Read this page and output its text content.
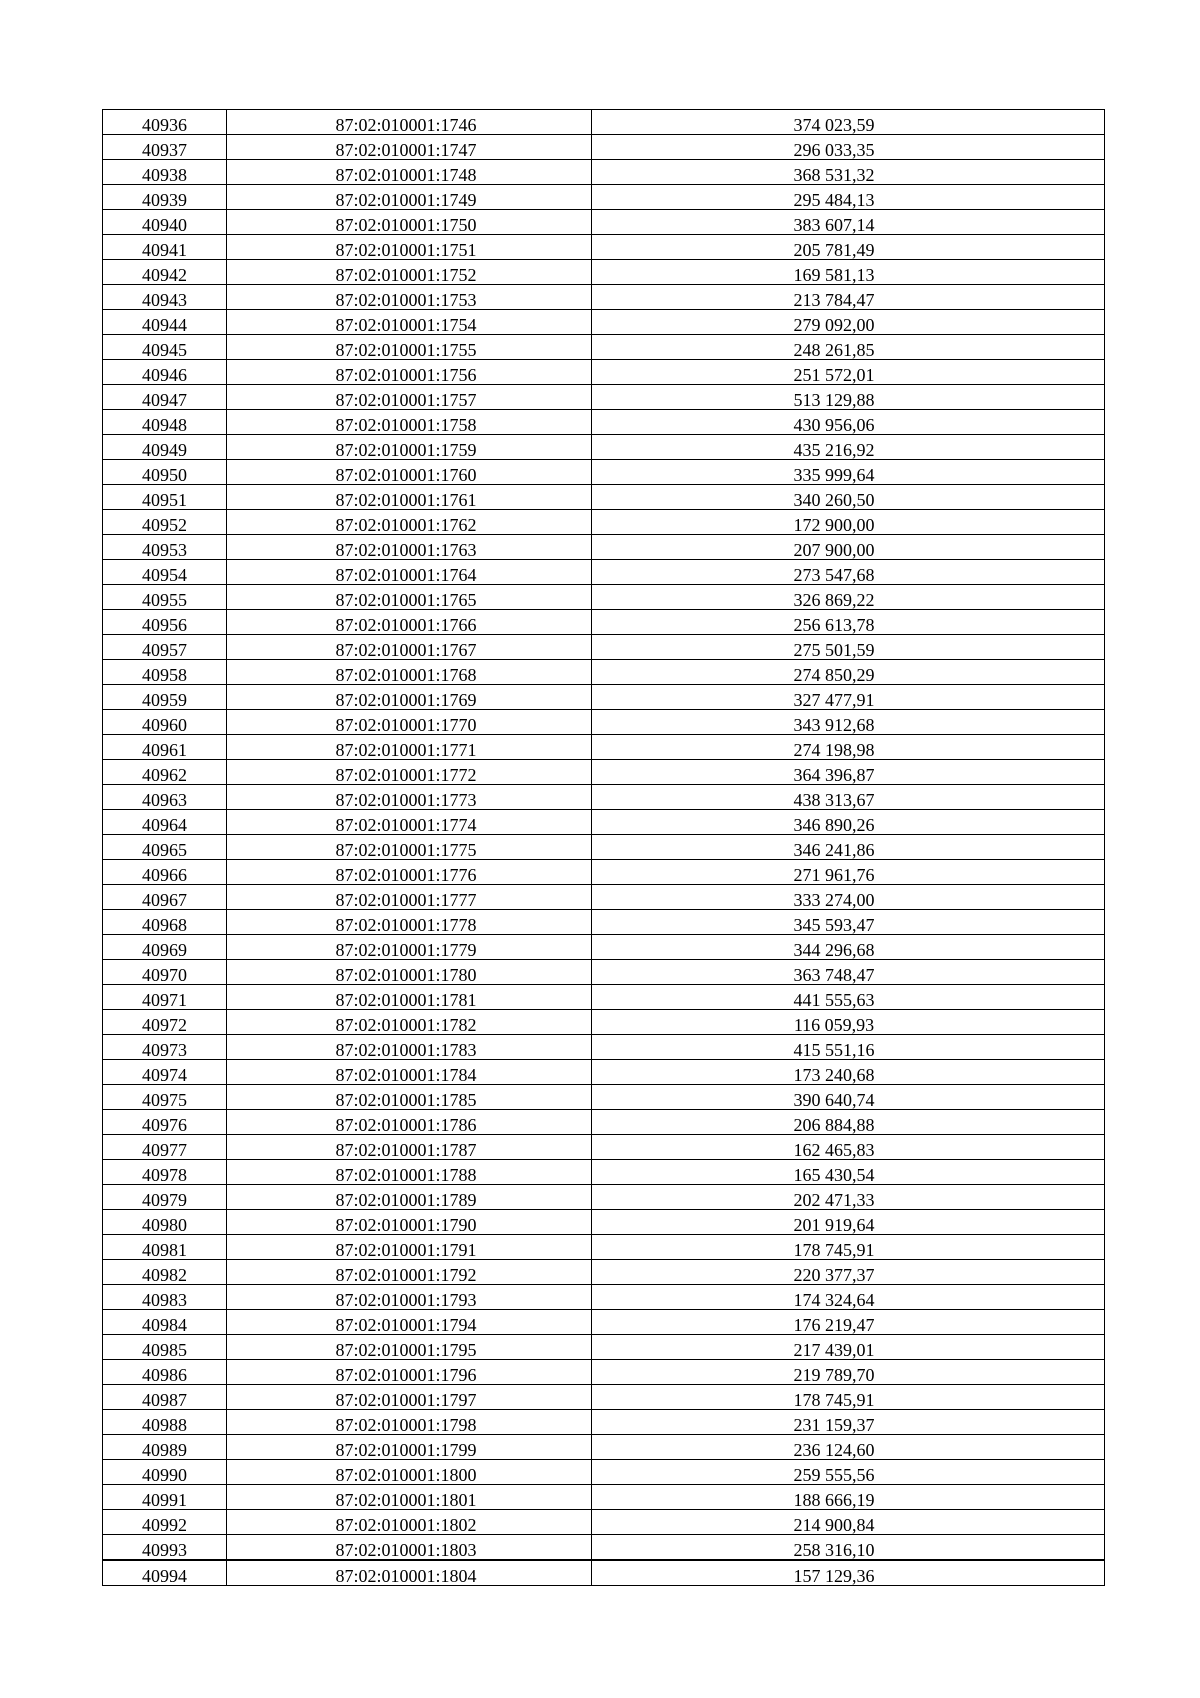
40936	87:02:010001:1746	374 023,59
40937	87:02:010001:1747	296 033,35
40938	87:02:010001:1748	368 531,32
40939	87:02:010001:1749	295 484,13
40940	87:02:010001:1750	383 607,14
40941	87:02:010001:1751	205 781,49
40942	87:02:010001:1752	169 581,13
40943	87:02:010001:1753	213 784,47
40944	87:02:010001:1754	279 092,00
40945	87:02:010001:1755	248 261,85
40946	87:02:010001:1756	251 572,01
40947	87:02:010001:1757	513 129,88
40948	87:02:010001:1758	430 956,06
40949	87:02:010001:1759	435 216,92
40950	87:02:010001:1760	335 999,64
40951	87:02:010001:1761	340 260,50
40952	87:02:010001:1762	172 900,00
40953	87:02:010001:1763	207 900,00
40954	87:02:010001:1764	273 547,68
40955	87:02:010001:1765	326 869,22
40956	87:02:010001:1766	256 613,78
40957	87:02:010001:1767	275 501,59
40958	87:02:010001:1768	274 850,29
40959	87:02:010001:1769	327 477,91
40960	87:02:010001:1770	343 912,68
40961	87:02:010001:1771	274 198,98
40962	87:02:010001:1772	364 396,87
40963	87:02:010001:1773	438 313,67
40964	87:02:010001:1774	346 890,26
40965	87:02:010001:1775	346 241,86
40966	87:02:010001:1776	271 961,76
40967	87:02:010001:1777	333 274,00
40968	87:02:010001:1778	345 593,47
40969	87:02:010001:1779	344 296,68
40970	87:02:010001:1780	363 748,47
40971	87:02:010001:1781	441 555,63
40972	87:02:010001:1782	116 059,93
40973	87:02:010001:1783	415 551,16
40974	87:02:010001:1784	173 240,68
40975	87:02:010001:1785	390 640,74
40976	87:02:010001:1786	206 884,88
40977	87:02:010001:1787	162 465,83
40978	87:02:010001:1788	165 430,54
40979	87:02:010001:1789	202 471,33
40980	87:02:010001:1790	201 919,64
40981	87:02:010001:1791	178 745,91
40982	87:02:010001:1792	220 377,37
40983	87:02:010001:1793	174 324,64
40984	87:02:010001:1794	176 219,47
40985	87:02:010001:1795	217 439,01
40986	87:02:010001:1796	219 789,70
40987	87:02:010001:1797	178 745,91
40988	87:02:010001:1798	231 159,37
40989	87:02:010001:1799	236 124,60
40990	87:02:010001:1800	259 555,56
40991	87:02:010001:1801	188 666,19
40992	87:02:010001:1802	214 900,84
40993	87:02:010001:1803	258 316,10
40994	87:02:010001:1804	157 129,36
